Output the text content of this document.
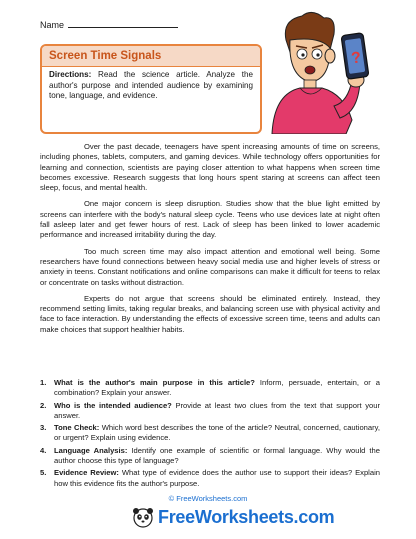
Name
Screen Time Signals
Directions: Read the science article. Analyze the author's purpose and intended audience by examining tone, language, and evidence.
?

Over the past decade, teenagers have spent increasing amounts of time on screens, including phones, tablets, computers, and gaming devices. While technology offers opportunities for learning and connection, scientists are paying closer attention to what happens when screen time becomes excessive. Research suggests that long hours spent staring at screens can affect teen sleep, focus, and mental health.

One major concern is sleep disruption. Studies show that the blue light emitted by screens can interfere with the body's natural sleep cycle. Teens who use devices late at night often fall asleep later and get fewer hours of rest. Lack of sleep has been linked to lower academic performance and increased irritability during the day.

Too much screen time may also impact attention and emotional well being. Some researchers have found connections between heavy social media use and higher levels of stress or anxiety in teens. Constant notifications and online comparisons can make it difficult for teens to relax or concentrate on tasks without distraction.

Experts do not argue that screens should be eliminated entirely. Instead, they recommend setting limits, taking regular breaks, and balancing screen use with physical activity and face to face interaction. By understanding the effects of excessive screen time, teens and adults can make choices that support healthier habits.

1. What is the author's main purpose in this article? Inform, persuade, entertain, or a combination? Explain your answer.
2. Who is the intended audience? Provide at least two clues from the text that support your answer.
3. Tone Check: Which word best describes the tone of the article? Neutral, concerned, cautionary, or urgent? Explain using evidence.
4. Language Analysis: Identify one example of scientific or formal language. Why would the author choose this type of language?
5. Evidence Review: What type of evidence does the author use to support their ideas? Explain how this evidence fits the author's purpose.
© FreeWorksheets.com
FreeWorksheets.com
